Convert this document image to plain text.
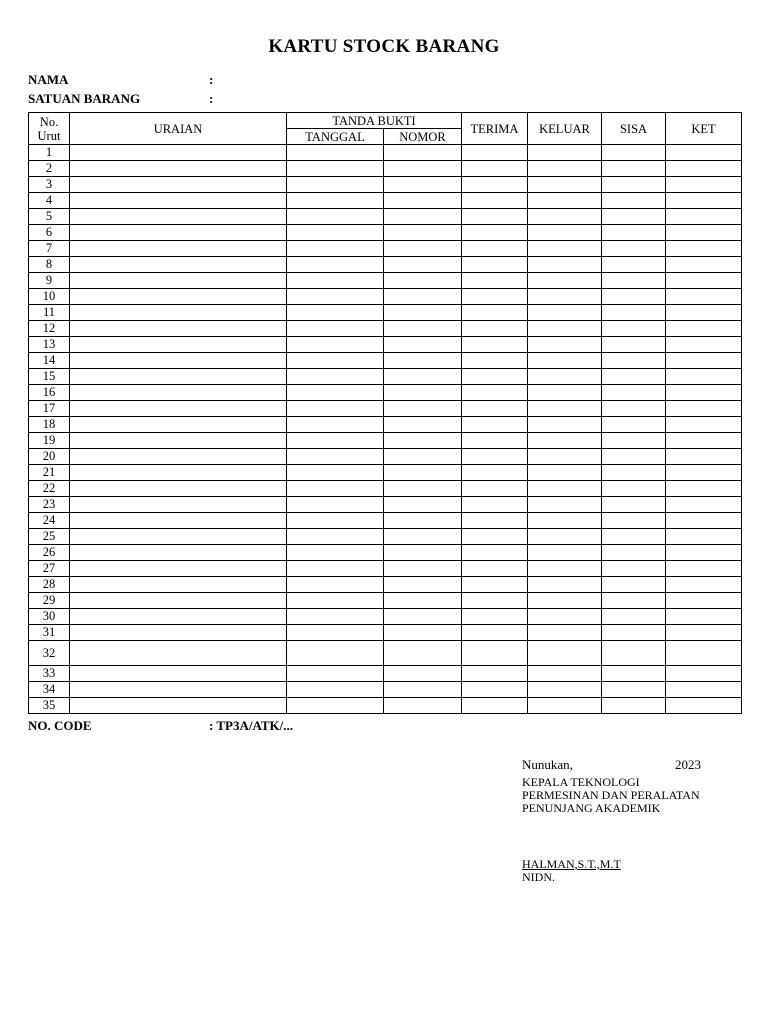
KARTU STOCK BARANG
NAMA	:
SATUAN BARANG	:
No.
Urut	URAIAN	TANDA BUKTI		TERIMA	KELUAR	SISA	KET
		TANGGAL	NOMOR				
1							
2							
3							
4							
5							
6							
7							
8							
9							
10							
11							
12							
13							
14							
15							
16							
17							
18							
19							
20							
21							
22							
23							
24							
25							
26							
27							
28							
29							
30							
31							
32							
33							
34							
35							
NO. CODE	: TP3A/ATK/...
Nunukan,	2023
KEPALA TEKNOLOGI
PERMESINAN DAN PERALATAN
PENUNJANG AKADEMIK
HALMAN,S.T.,M.T
NIDN.
